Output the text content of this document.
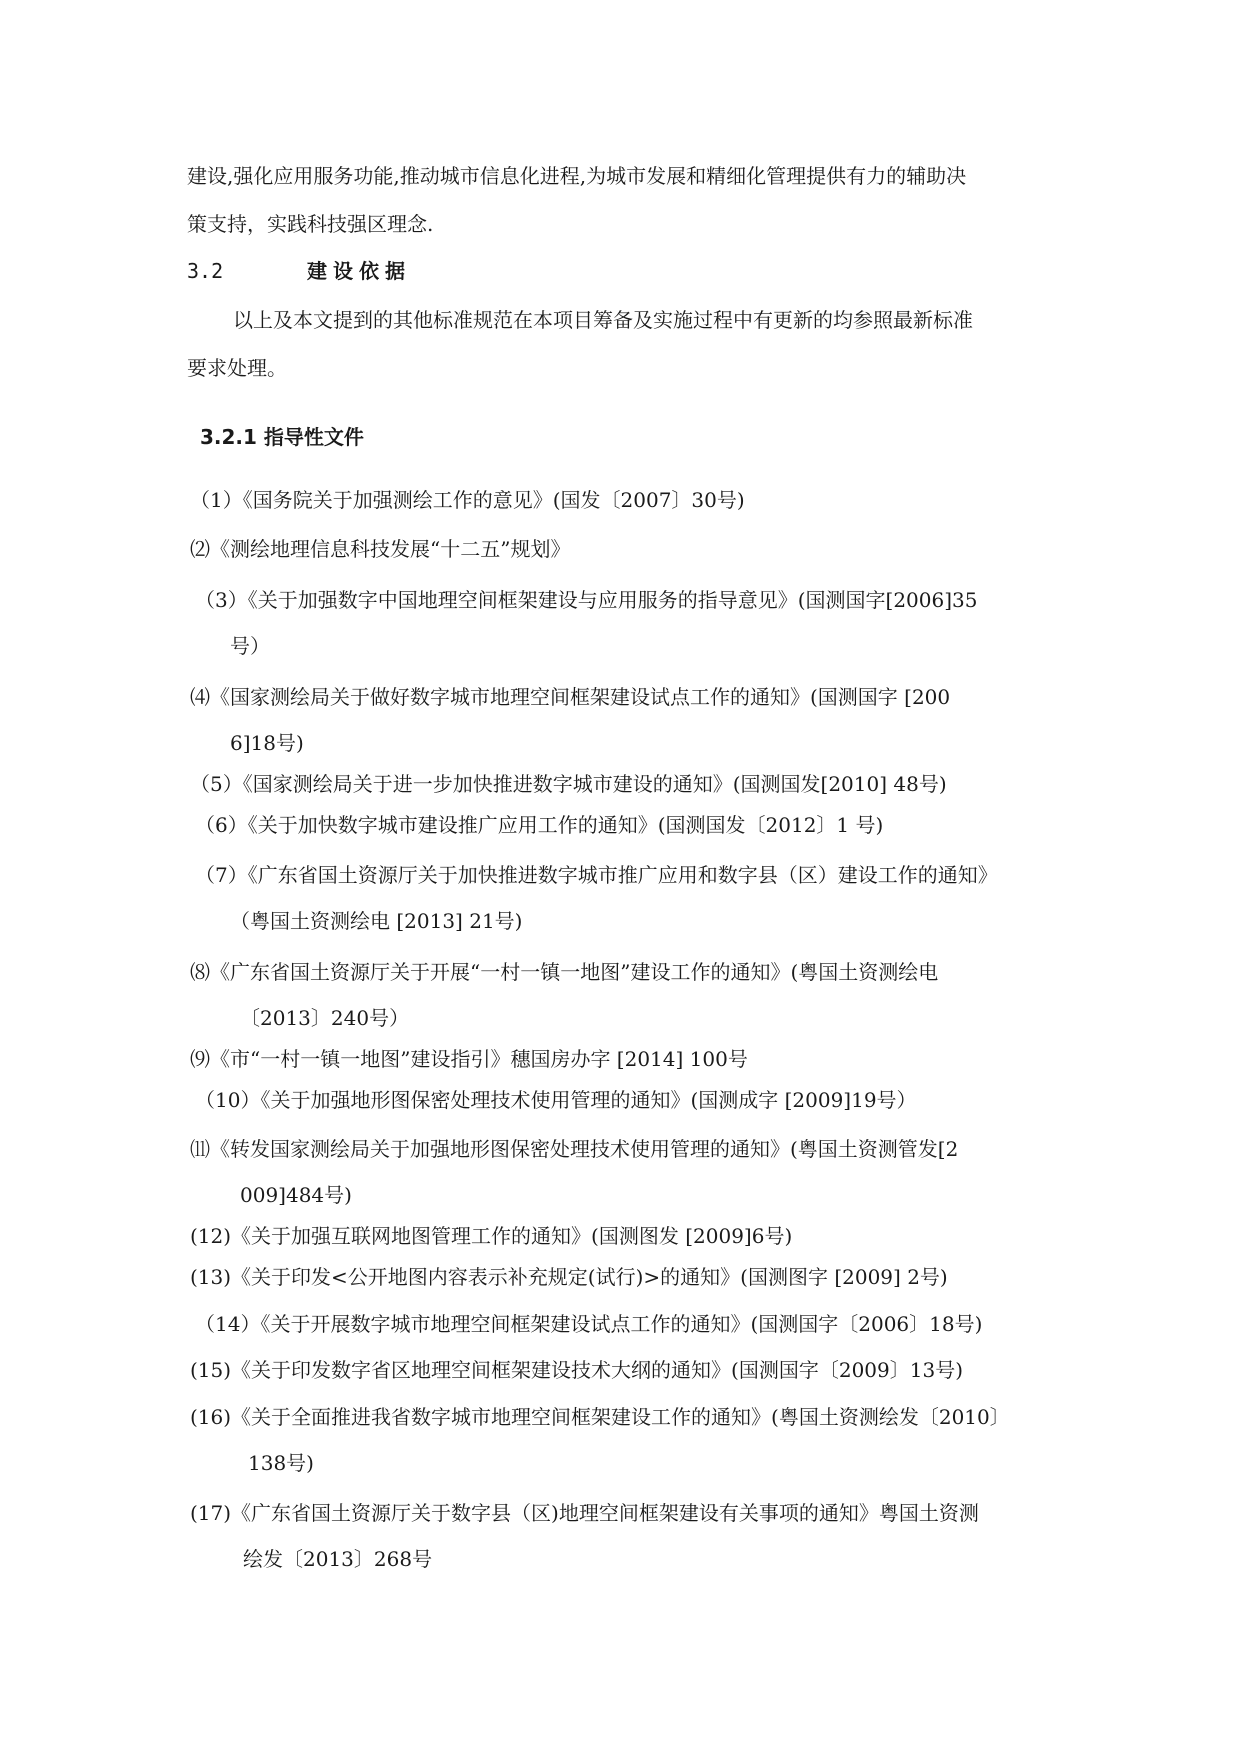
建设,强化应用服务功能,推动城市信息化进程,为城市发展和精细化管理提供有力的辅助决

策支持，实践科技强区理念.

3.2	建设依据

以上及本文提到的其他标准规范在本项目筹备及实施过程中有更新的均参照最新标准

要求处理。

3.2.1 指导性文件

（1）《国务院关于加强测绘工作的意见》(国发〔2007〕30号)

⑵《测绘地理信息科技发展“十二五”规划》

（3）《关于加强数字中国地理空间框架建设与应用服务的指导意见》(国测国字[2006]35

号）

⑷《国家测绘局关于做好数字城市地理空间框架建设试点工作的通知》(国测国字 [200

6]18号)

（5）《国家测绘局关于进一步加快推进数字城市建设的通知》(国测国发[2010] 48号)

（6）《关于加快数字城市建设推广应用工作的通知》(国测国发〔2012〕1 号)

（7）《广东省国土资源厅关于加快推进数字城市推广应用和数字县（区）建设工作的通知》

（粤国土资测绘电 [2013] 21号)

⑻《广东省国土资源厅关于开展“一村一镇一地图”建设工作的通知》(粤国土资测绘电

〔2013〕240号）

⑼《市“一村一镇一地图”建设指引》穗国房办字 [2014] 100号

（10）《关于加强地形图保密处理技术使用管理的通知》(国测成字 [2009]19号）

⑾《转发国家测绘局关于加强地形图保密处理技术使用管理的通知》(粤国土资测管发[2

009]484号)

(12)《关于加强互联网地图管理工作的通知》(国测图发 [2009]6号)

(13)《关于印发<公开地图内容表示补充规定(试行)>的通知》(国测图字 [2009] 2号)

（14）《关于开展数字城市地理空间框架建设试点工作的通知》(国测国字〔2006〕18号)

(15)《关于印发数字省区地理空间框架建设技术大纲的通知》(国测国字〔2009〕13号)

(16)《关于全面推进我省数字城市地理空间框架建设工作的通知》(粤国土资测绘发〔2010〕

138号)

(17)《广东省国土资源厅关于数字县（区)地理空间框架建设有关事项的通知》粤国土资测

绘发〔2013〕268号
